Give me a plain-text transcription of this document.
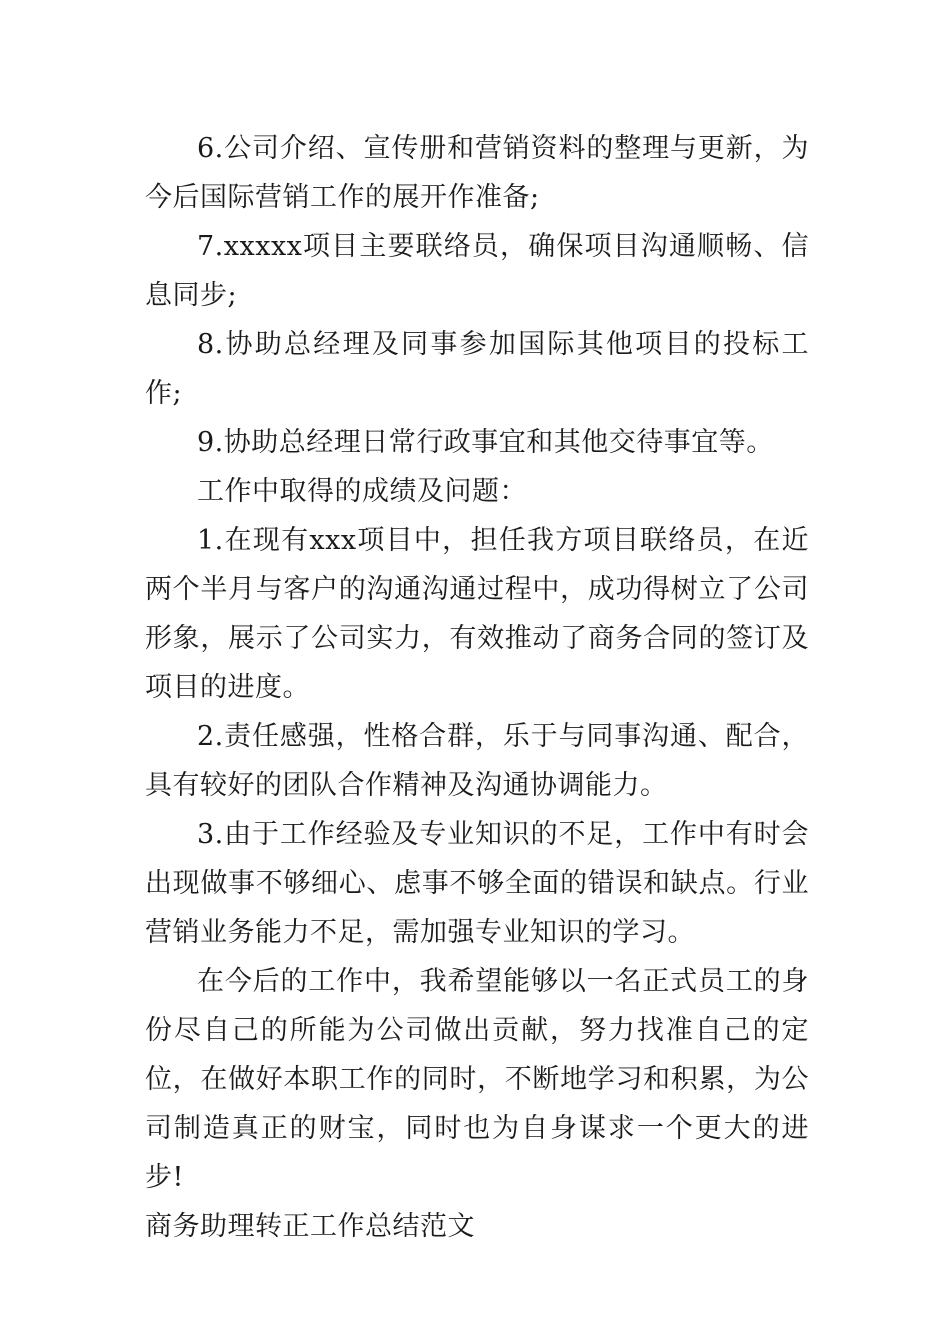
6.公司介绍、宣传册和营销资料的整理与更新，为今后国际营销工作的展开作准备;

7.xxxxx项目主要联络员，确保项目沟通顺畅、信息同步;

8.协助总经理及同事参加国际其他项目的投标工作;

9.协助总经理日常行政事宜和其他交待事宜等。

工作中取得的成绩及问题：

1.在现有xxx项目中，担任我方项目联络员，在近两个半月与客户的沟通沟通过程中，成功得树立了公司形象，展示了公司实力，有效推动了商务合同的签订及项目的进度。

2.责任感强，性格合群，乐于与同事沟通、配合，具有较好的团队合作精神及沟通协调能力。

3.由于工作经验及专业知识的不足，工作中有时会出现做事不够细心、虑事不够全面的错误和缺点。行业营销业务能力不足，需加强专业知识的学习。

在今后的工作中，我希望能够以一名正式员工的身份尽自己的所能为公司做出贡献，努力找准自己的定位，在做好本职工作的同时，不断地学习和积累，为公司制造真正的财宝，同时也为自身谋求一个更大的进步!

商务助理转正工作总结范文
